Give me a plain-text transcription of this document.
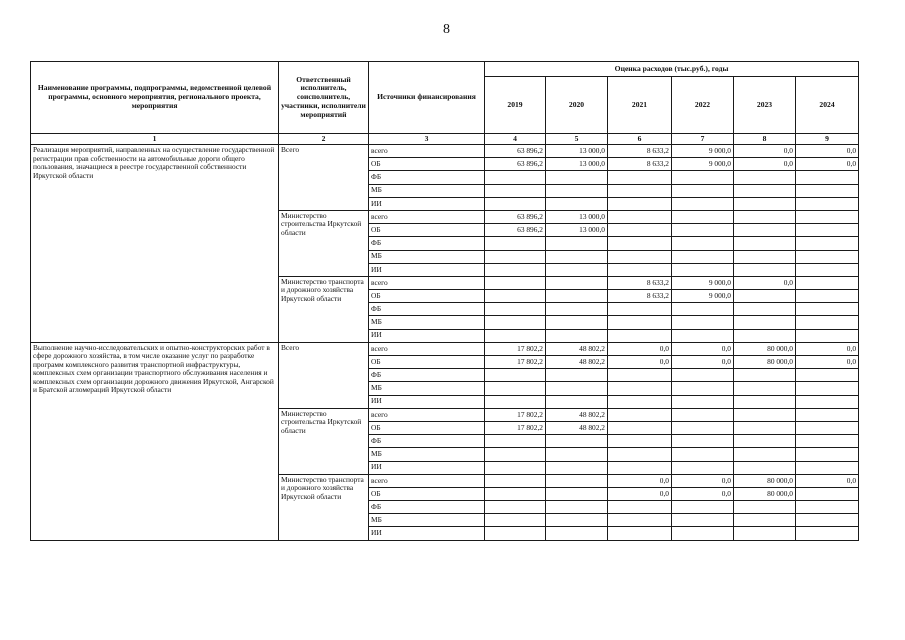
8
Наименование программы, подпрограммы, ведомственной целевой программы, основного мероприятия, регионального проекта, мероприятия	Ответственный исполнитель, соисполнитель, участники, исполнители мероприятий	Источники финансирования	Оценка расходов (тыс.руб.), годы					
			2019	2020	2021	2022	2023	2024
1	2	3	4	5	6	7	8	9
Реализация мероприятий, направленных на осуществление государственной регистрации прав собственности на автомобильные дороги общего пользования, значащиеся в реестре государственной собственности Иркутской области	Всего	всего	63 896,2	13 000,0	8 633,2	9 000,0	0,0	0,0
		ОБ	63 896,2	13 000,0	8 633,2	9 000,0	0,0	0,0
		ФБ						
		МБ						
		ИИ						
	Министерство строительства Иркутской области	всего	63 896,2	13 000,0				
		ОБ	63 896,2	13 000,0				
		ФБ						
		МБ						
		ИИ						
	Министерство транспорта и дорожного хозяйства Иркутской области	всего			8 633,2	9 000,0	0,0	
		ОБ			8 633,2	9 000,0		
		ФБ						
		МБ						
		ИИ						
Выполнение научно-исследовательских и опытно-конструкторских работ в сфере дорожного хозяйства, в том числе оказание услуг по разработке программ комплексного развития транспортной инфраструктуры, комплексных схем организации транспортного обслуживания населения и комплексных схем организации дорожного движения Иркутской, Ангарской и Братской агломераций Иркутской области	Всего	всего	17 802,2	48 802,2	0,0	0,0	80 000,0	0,0
		ОБ	17 802,2	48 802,2	0,0	0,0	80 000,0	0,0
		ФБ						
		МБ						
		ИИ						
	Министерство строительства Иркутской области	всего	17 802,2	48 802,2				
		ОБ	17 802,2	48 802,2				
		ФБ						
		МБ						
		ИИ						
	Министерство транспорта и дорожного хозяйства Иркутской области	всего			0,0	0,0	80 000,0	0,0
		ОБ			0,0	0,0	80 000,0	
		ФБ						
		МБ						
		ИИ						
